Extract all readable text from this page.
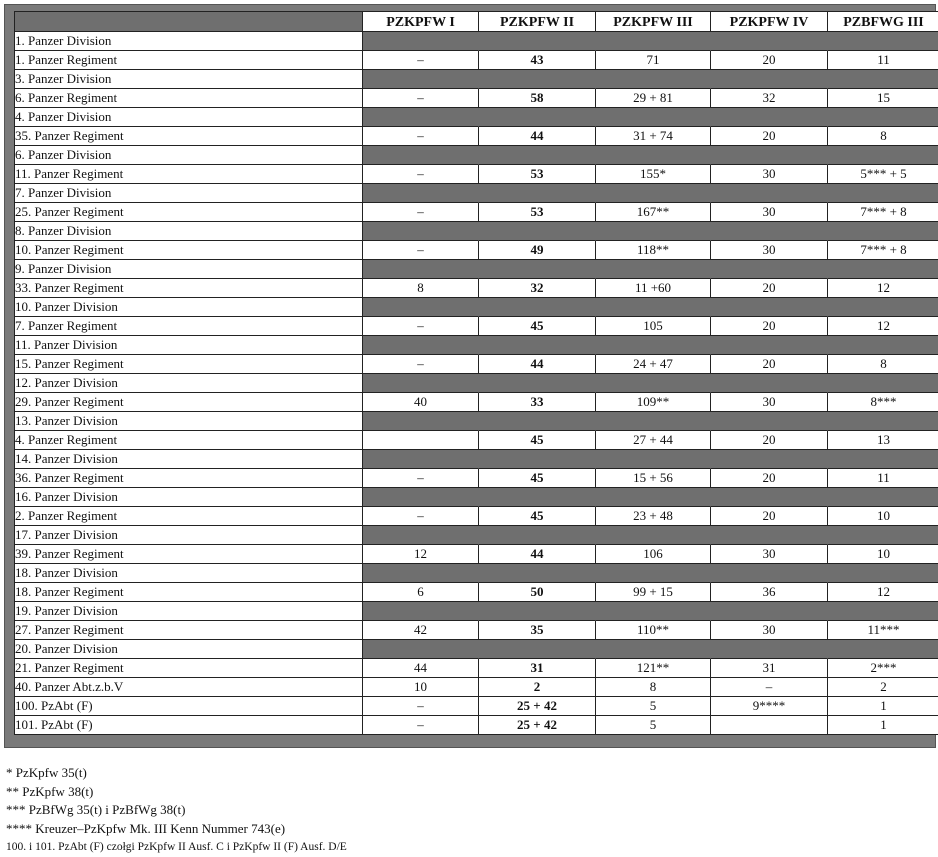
	PZKPFW I	PZKPFW II	PZKPFW III	PZKPFW IV	PZBFWG III
1. Panzer Division					
1. Panzer Regiment	–	43	71	20	11
3. Panzer Division					
6. Panzer Regiment	–	58	29 + 81	32	15
4. Panzer Division					
35. Panzer Regiment	–	44	31 + 74	20	8
6. Panzer Division					
11. Panzer Regiment	–	53	155*	30	5*** + 5
7. Panzer Division					
25. Panzer Regiment	–	53	167**	30	7*** + 8
8. Panzer Division					
10. Panzer Regiment	–	49	118**	30	7*** + 8
9. Panzer Division					
33. Panzer Regiment	8	32	11 +60	20	12
10. Panzer Division					
7. Panzer Regiment	–	45	105	20	12
11. Panzer Division					
15. Panzer Regiment	–	44	24 + 47	20	8
12. Panzer Division					
29. Panzer Regiment	40	33	109**	30	8***
13. Panzer Division					
4. Panzer Regiment		45	27 + 44	20	13
14. Panzer Division					
36. Panzer Regiment	–	45	15 + 56	20	11
16. Panzer Division					
2. Panzer Regiment	–	45	23 + 48	20	10
17. Panzer Division					
39. Panzer Regiment	12	44	106	30	10
18. Panzer Division					
18. Panzer Regiment	6	50	99 + 15	36	12
19. Panzer Division					
27. Panzer Regiment	42	35	110**	30	11***
20. Panzer Division					
21. Panzer Regiment	44	31	121**	31	2***
40. Panzer Abt.z.b.V	10	2	8	–	2
100. PzAbt (F)	–	25 + 42	5	9****	1
101. PzAbt (F)	–	25 + 42	5		1

* PzKpfw 35(t)

** PzKpfw 38(t)

*** PzBfWg 35(t) i PzBfWg 38(t)

**** Kreuzer–PzKpfw Mk. III Kenn Nummer 743(e)

100. i 101. PzAbt (F) czołgi PzKpfw II Ausf. C i PzKpfw II (F) Ausf. D/E
